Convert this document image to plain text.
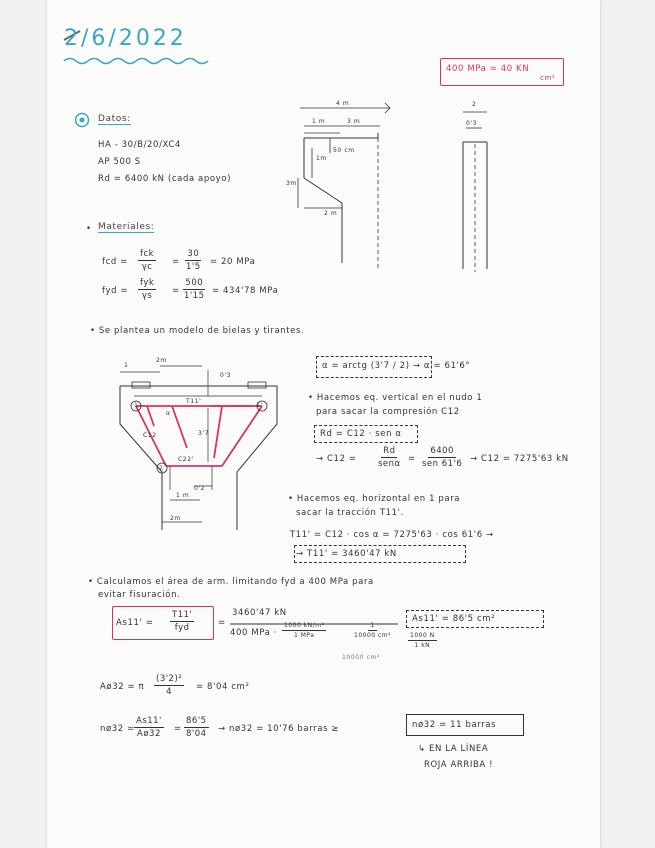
2/6/2022
400 MPa = 40 KN
cm²
Datos:
HA - 30/B/20/XC4
AP 500 S
Rd = 6400 kN (cada apoyo)
4 m
1 m	3 m
50 cm
1m
3m
2 m
2
0'3
• Materiales:
fcd =
fck
$\gamma c = \frac{30}{1'5} = 20$ MPa
fyd =
fyk
$\gamma s = \frac{500}{1'15} = 434'78$ MPa
• Se plantea un modelo de bielas y tirantes.
1
2m
0'3
3'7
α
1	1'
2
C12
T11'
C22'
1 m
0'2
2m
α = arctg (3'7 / 2) → α = 61'6°
• Hacemos eq. vertical en el nudo 1
para sacar la compresión C12
Rd = C12 · sen α
→ C12 =
Rd
senα =
6400
sen 61'6 → C12 = 7275'63 kN
• Hacemos eq. horizontal en 1 para
sacar la tracción T11'.
T11' = C12 · cos α = 7275'63 · cos 61'6 →
→ T11' = 3460'47 kN
• Calculamos el área de arm. limitando fyd a 400 MPa para
evitar fisuración.
As11' =
T11'
fyd	=
3460'47 kN
400 MPa ·
1000 kN/m²
1 MPa	$\frac{1}{\text{10000 cm²}}$
10000 cm²
As11' = 86'5 cm²
$\frac{1000 N}{1 kN}$
Aø32 = π $\frac{\text{(3'2)²}}{4} = 8'04$ cm²
nø32 = $\frac{As11'}{Aø32} = \frac{86'5}{8'04}$ → nø32 = 10'76 barras ≥	nø32 = 11 barras
↳ EN LA LÍNEA
ROJA ARRIBA !
